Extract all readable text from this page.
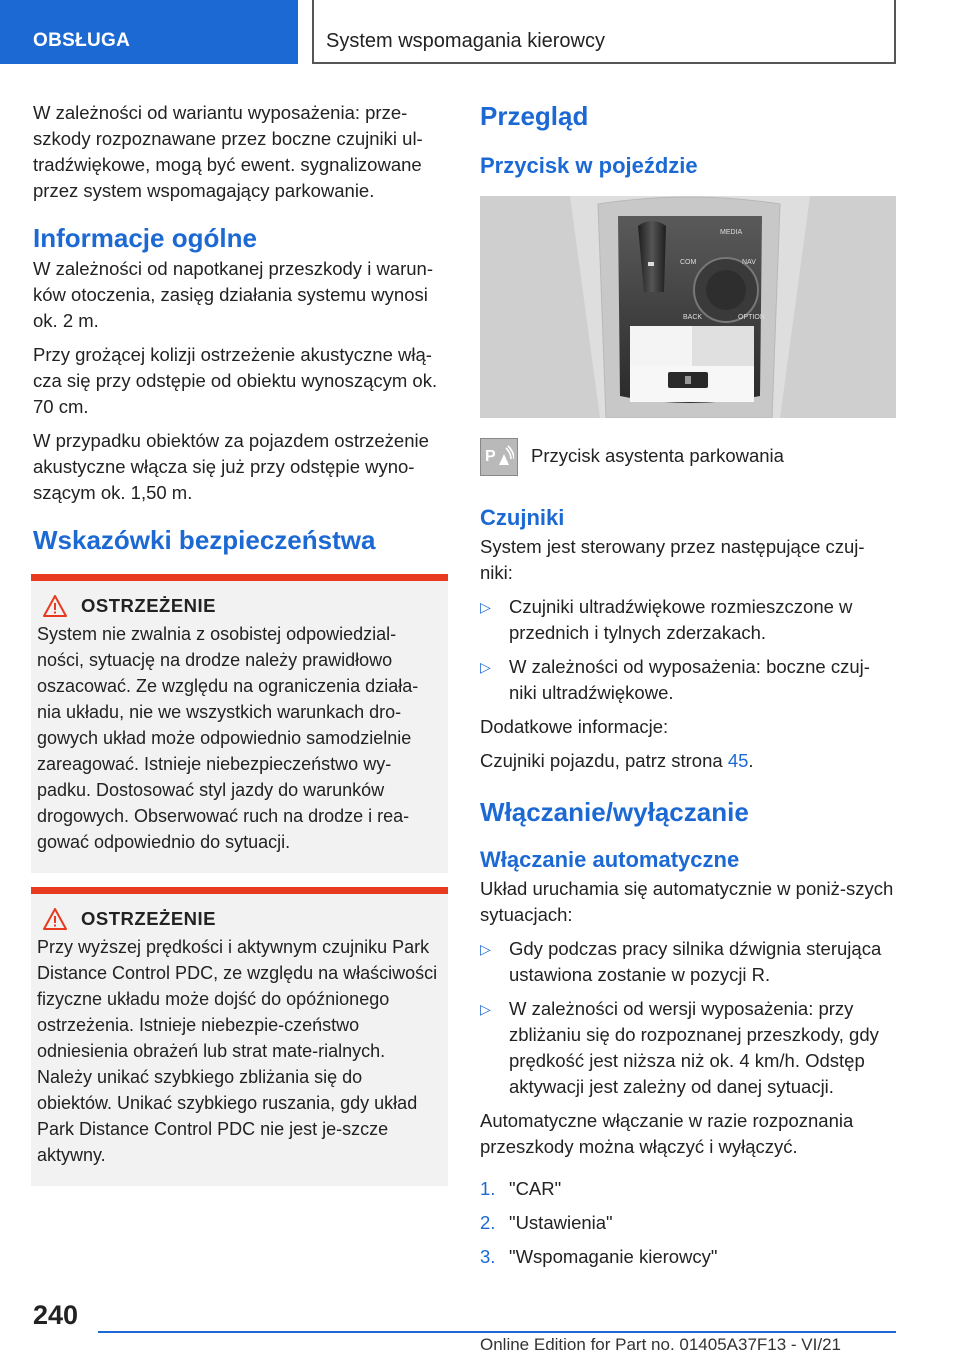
OBSŁUGA	System wspomagania kierowcy

W zależności od wariantu wyposażenia: prze-szkody rozpoznawane przez boczne czujniki ul-tradźwiękowe, mogą być ewent. sygnalizowane przez system wspomagający parkowanie.

Informacje ogólne

W zależności od napotkanej przeszkody i warun-ków otoczenia, zasięg działania systemu wynosi ok. 2 m.

Przy grożącej kolizji ostrzeżenie akustyczne włą-cza się przy odstępie od obiektu wynoszącym ok. 70 cm.

W przypadku obiektów za pojazdem ostrzeżenie akustyczne włącza się już przy odstępie wyno-szącym ok. 1,50 m.

Wskazówki bezpieczeństwa
OSTRZEŻENIE

System nie zwalnia z osobistej odpowiedzial-ności, sytuację na drodze należy prawidłowo oszacować. Ze względu na ograniczenia działa-nia układu, nie we wszystkich warunkach dro-gowych układ może odpowiednio samodzielnie zareagować. Istnieje niebezpieczeństwo wy-padku. Dostosować styl jazdy do warunków drogowych. Obserwować ruch na drodze i rea-gować odpowiednio do sytuacji.

OSTRZEŻENIE

Przy wyższej prędkości i aktywnym czujniku Park Distance Control PDC, ze względu na właściwości fizyczne układu może dojść do opóźnionego ostrzeżenia. Istnieje niebezpie-czeństwo odniesienia obrażeń lub strat mate-rialnych. Należy unikać szybkiego zbliżania się do obiektów. Unikać szybkiego ruszania, gdy układ Park Distance Control PDC nie jest je-szcze aktywny.

Przegląd
Przycisk w pojeździe
MEDIA
COM	NAV
BACK	OPTION
P Przycisk asystenta parkowania
Czujniki

System jest sterowany przez następujące czuj-niki:

▷ Czujniki ultradźwiękowe rozmieszczone w przednich i tylnych zderzakach.
▷ W zależności od wyposażenia: boczne czuj-niki ultradźwiękowe.

Dodatkowe informacje:

Czujniki pojazdu, patrz strona 45.

Włączanie/wyłączanie
Włączanie automatyczne

Układ uruchamia się automatycznie w poniż-szych sytuacjach:

▷ Gdy podczas pracy silnika dźwignia sterująca ustawiona zostanie w pozycji R.
▷ W zależności od wersji wyposażenia: przy zbliżaniu się do rozpoznanej przeszkody, gdy prędkość jest niższa niż ok. 4 km/h. Odstęp aktywacji jest zależny od danej sytuacji.

Automatyczne włączanie w razie rozpoznania przeszkody można włączyć i wyłączyć.

1. "CAR"
2. "Ustawienia"
3. "Wspomaganie kierowcy"
240
Online Edition for Part no. 01405A37F13 - VI/21
